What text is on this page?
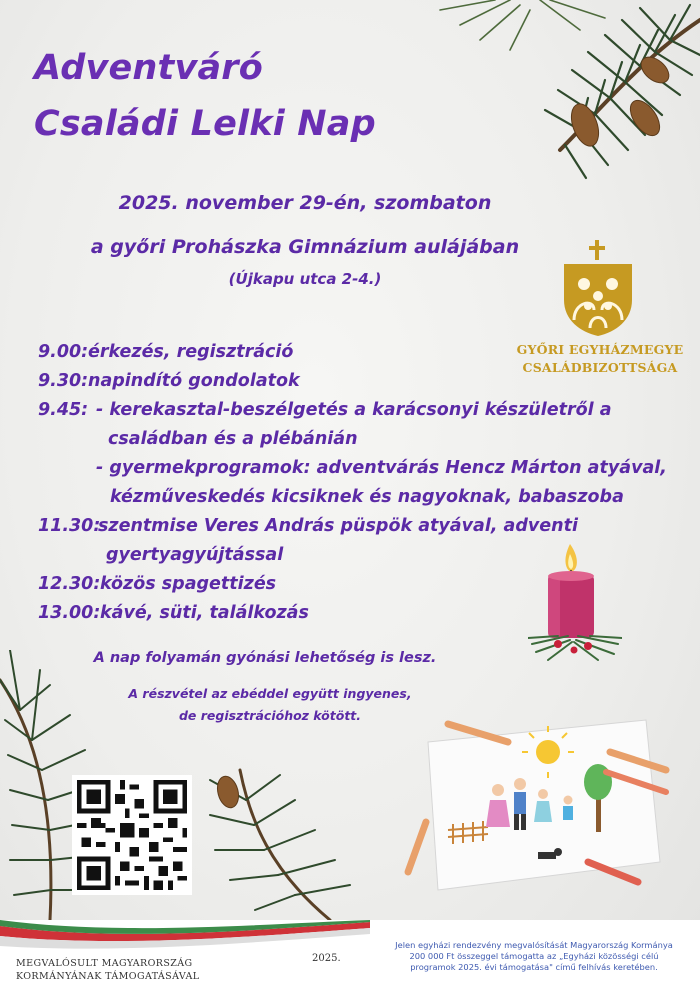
Adventváró
Családi Lelki Nap
2025. november 29-én, szombaton
a győri Prohászka Gimnázium aulájában
(Újkapu utca 2-4.)
GYŐRI EGYHÁZMEGYE
CSALÁDBIZOTTSÁGA
9.00: érkezés, regisztráció
9.30: napindító gondolatok
9.45: - kerekasztal-beszélgetés a karácsonyi készületről a
családban és a plébánián
- gyermekprogramok: adventvárás Hencz Márton atyával,
kézműveskedés kicsiknek és nagyoknak, babaszoba
11.30:
szentmise Veres András püspök atyával, adventi
gyertyagyújtással
12.30: közös spagettizés
13.00: kávé, süti, találkozás
A nap folyamán gyónási lehetőség is lesz.
A részvétel az ebéddel együtt ingyenes,
de regisztrációhoz kötött.
MEGVALÓSULT MAGYARORSZÁG
KORMÁNYÁNAK TÁMOGATÁSÁVAL
2025.
Jelen egyházi rendezvény megvalósítását Magyarország Kormánya
200 000 Ft összeggel támogatta az „Egyházi közösségi célú
programok 2025. évi támogatása" című felhívás keretében.
